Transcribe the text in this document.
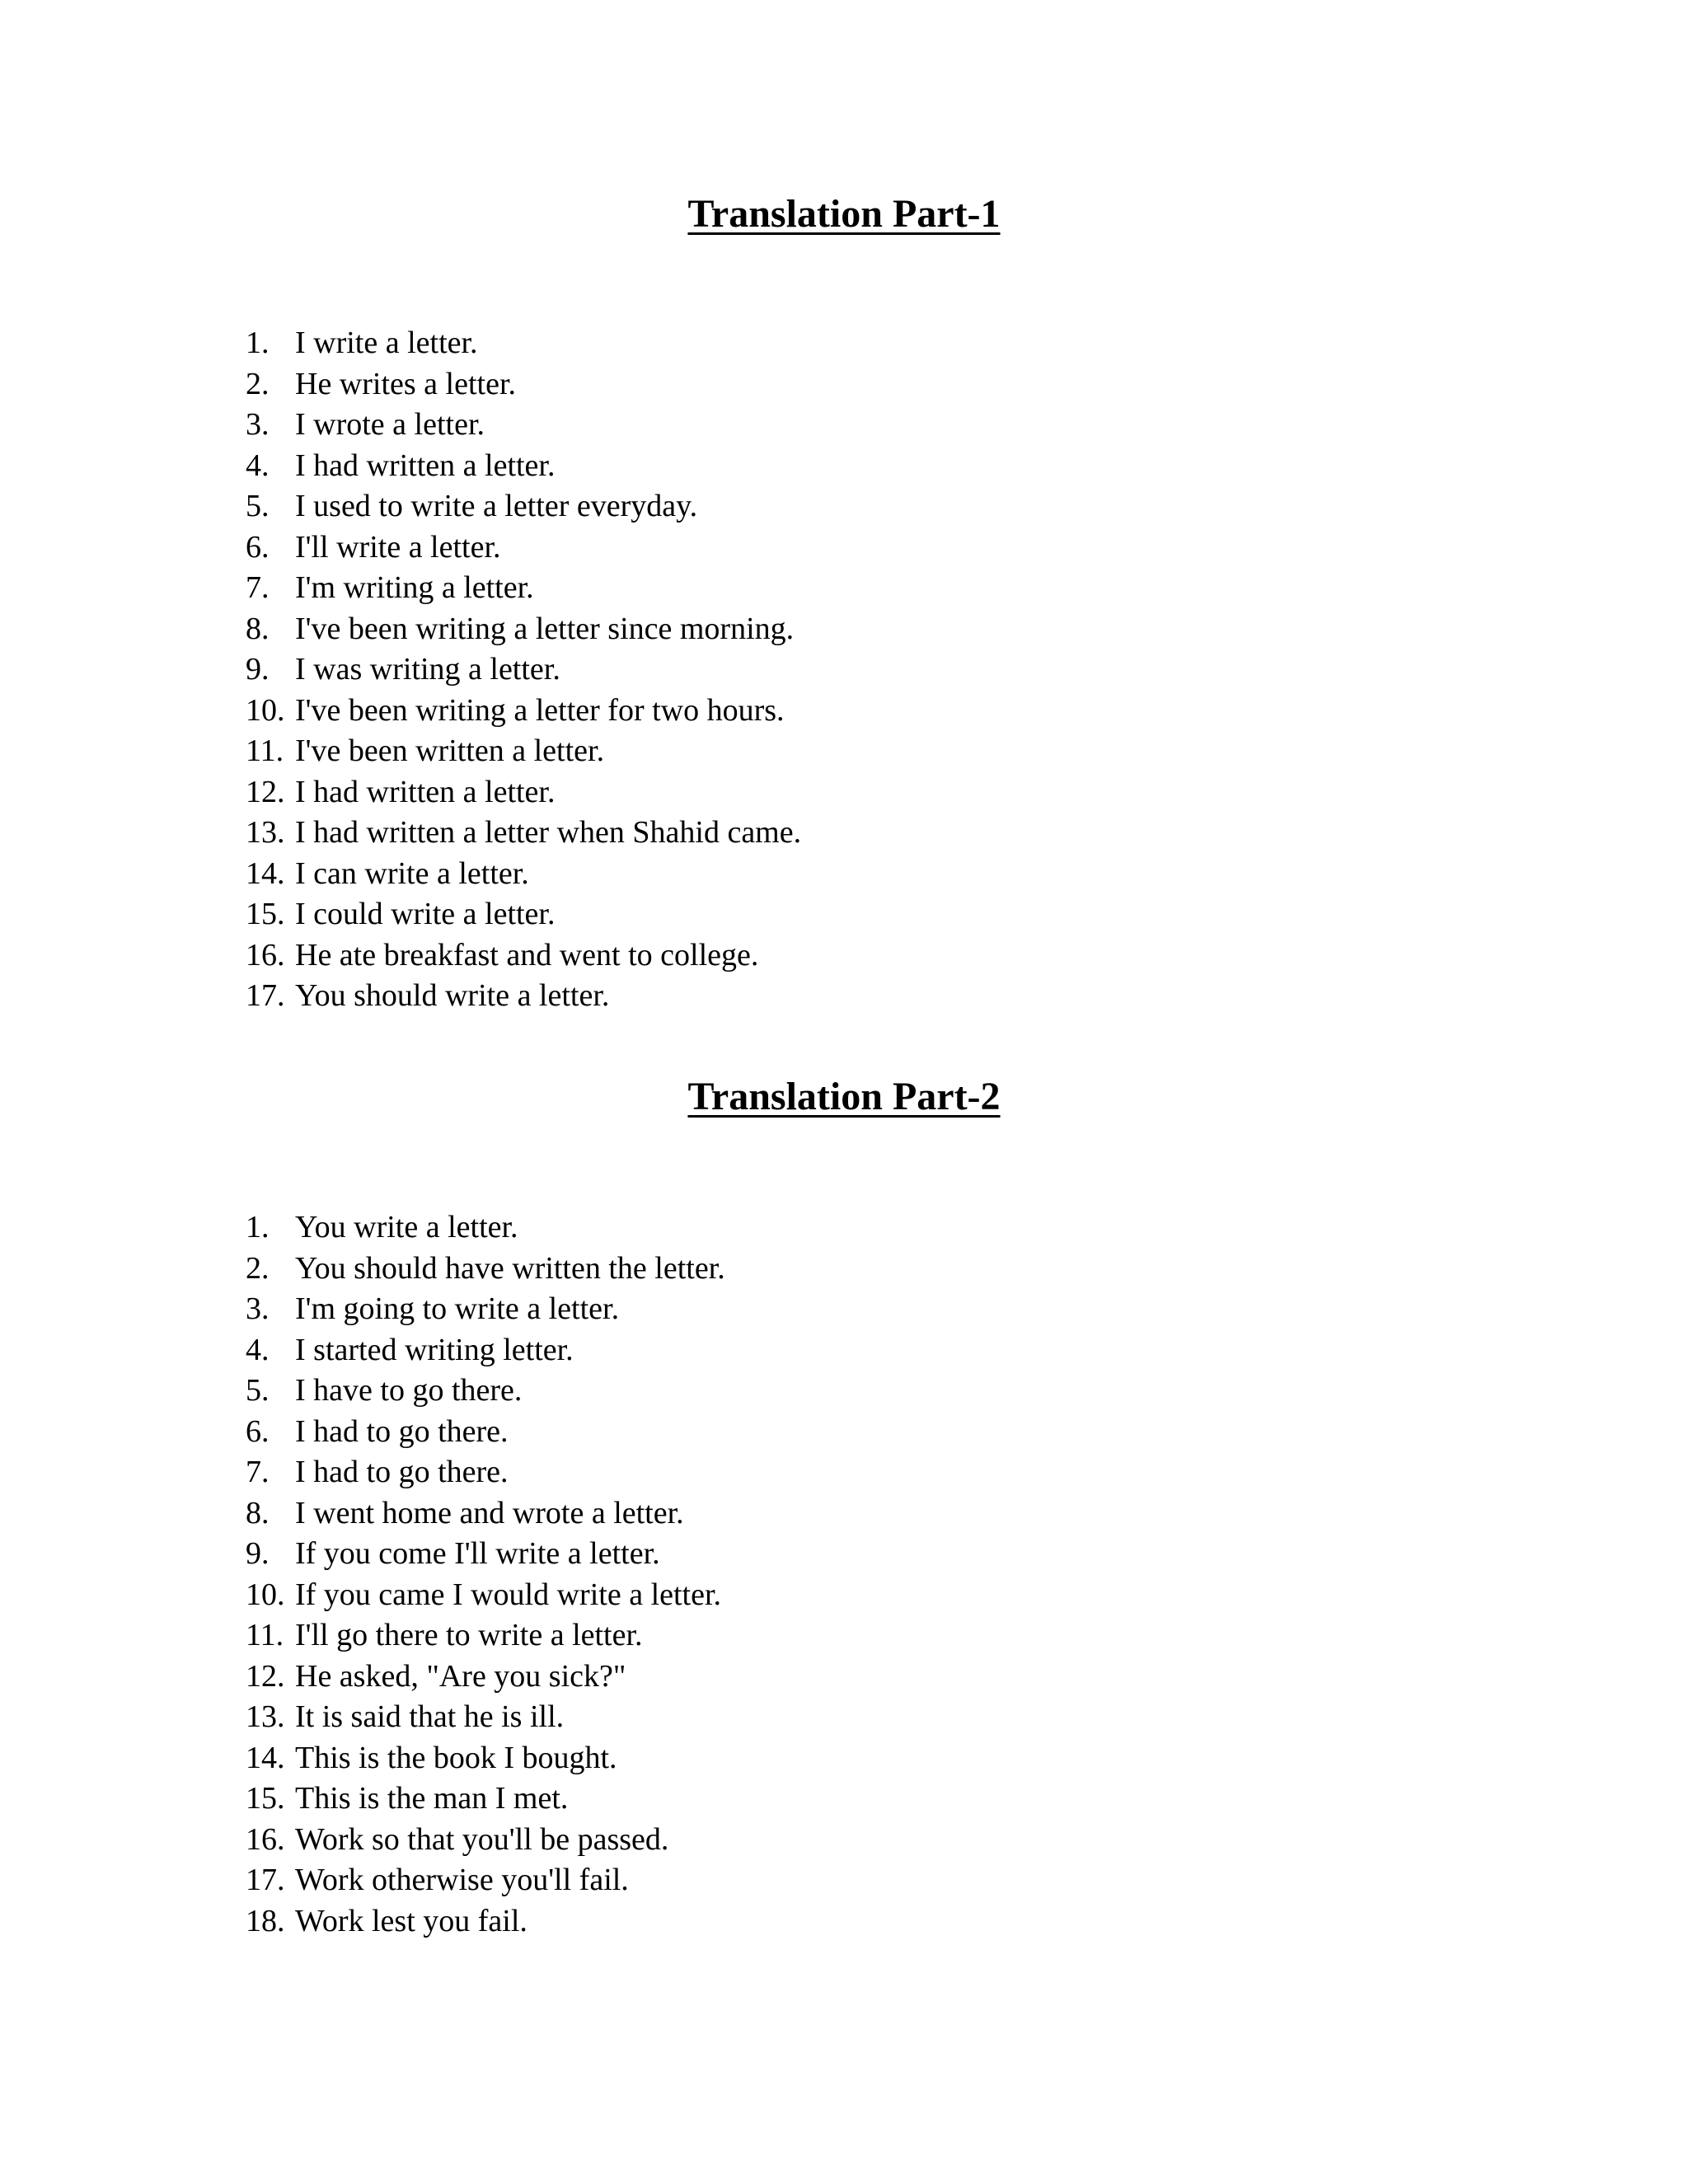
Translation Part-1
1. I write a letter.
2. He writes a letter.
3. I wrote a letter.
4. I had written a letter.
5. I used to write a letter everyday.
6. I'll write a letter.
7. I'm writing a letter.
8. I've been writing a letter since morning.
9. I was writing a letter.
10. I've been writing a letter for two hours.
11. I've been written a letter.
12. I had written a letter.
13. I had written a letter when Shahid came.
14. I can write a letter.
15. I could write a letter.
16. He ate breakfast and went to college.
17. You should write a letter.
Translation Part-2
1. You write a letter.
2. You should have written the letter.
3. I'm going to write a letter.
4. I started writing letter.
5. I have to go there.
6. I had to go there.
7. I had to go there.
8. I went home and wrote a letter.
9. If you come I'll write a letter.
10. If you came I would write a letter.
11. I'll go there to write a letter.
12. He asked, "Are you sick?"
13. It is said that he is ill.
14. This is the book I bought.
15. This is the man I met.
16. Work so that you'll be passed.
17. Work otherwise you'll fail.
18. Work lest you fail.
